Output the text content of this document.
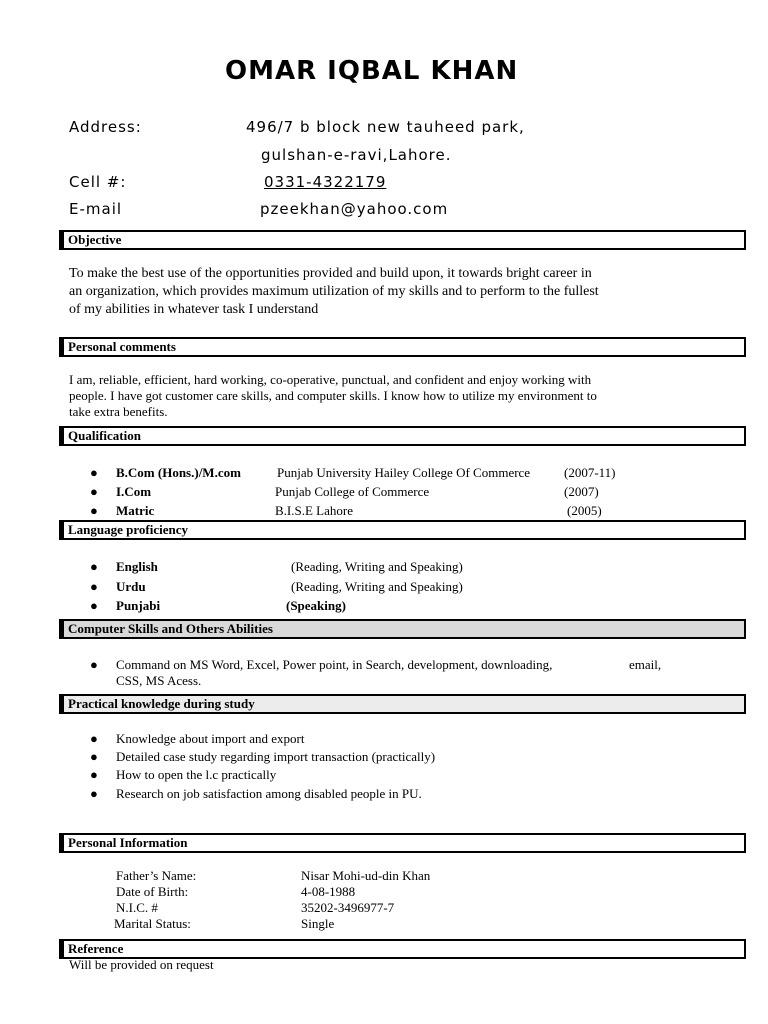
OMAR IQBAL KHAN
Address:	496/7 b block new tauheed park,
gulshan-e-ravi,Lahore.
Cell #:	0331-4322179
E-mail	pzeekhan@yahoo.com
Objective
To make the best use of the opportunities provided and build upon, it towards bright career in
an organization, which provides maximum utilization of my skills and to perform to the fullest
of my abilities in whatever task I understand
Personal comments
I am, reliable, efficient, hard working, co-operative, punctual, and confident and enjoy working with
people. I have got customer care skills, and computer skills. I know how to utilize my environment to
take extra benefits.
Qualification
● B.Com (Hons.)/M.com	Punjab University Hailey College Of Commerce	(2007-11)
● I.Com	Punjab College of Commerce	(2007)
● Matric	B.I.S.E Lahore	(2005)
Language proficiency
● English	(Reading, Writing and Speaking)
● Urdu	(Reading, Writing and Speaking)
● Punjabi	(Speaking)
Computer Skills and Others Abilities
● Command on MS Word, Excel, Power point, in Search, development, downloading,	email,
CSS, MS Acess.
Practical knowledge during study
● Knowledge about import and export
● Detailed case study regarding import transaction (practically)
● How to open the l.c practically
● Research on job satisfaction among disabled people in PU.
Personal Information
Father’s Name:	Nisar Mohi-ud-din Khan
Date of Birth:	4-08-1988
N.I.C. #	35202-3496977-7
Marital Status:	Single
Reference
Will be provided on request
